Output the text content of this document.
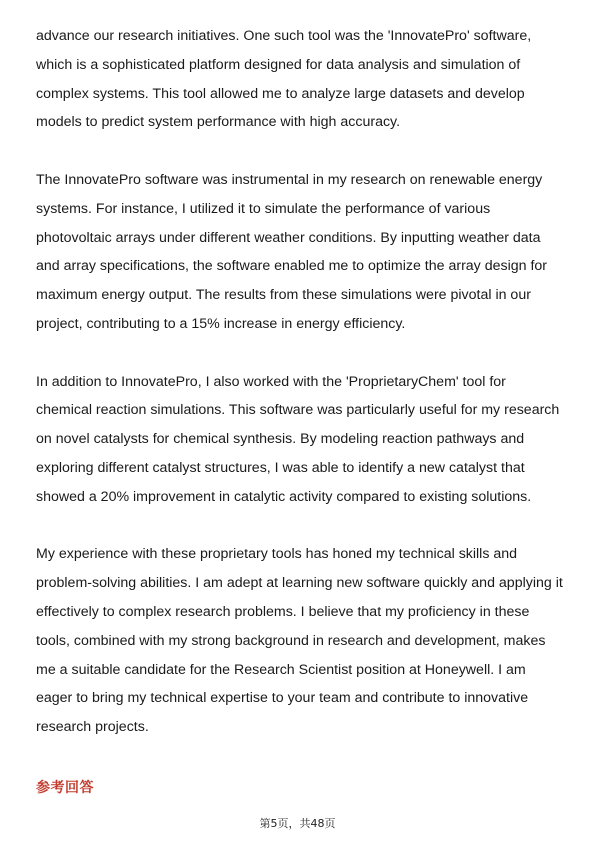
advance our research initiatives. One such tool was the 'InnovatePro' software, which is a sophisticated platform designed for data analysis and simulation of complex systems. This tool allowed me to analyze large datasets and develop models to predict system performance with high accuracy.

The InnovatePro software was instrumental in my research on renewable energy systems. For instance, I utilized it to simulate the performance of various photovoltaic arrays under different weather conditions. By inputting weather data and array specifications, the software enabled me to optimize the array design for maximum energy output. The results from these simulations were pivotal in our project, contributing to a 15% increase in energy efficiency.

In addition to InnovatePro, I also worked with the 'ProprietaryChem' tool for chemical reaction simulations. This software was particularly useful for my research on novel catalysts for chemical synthesis. By modeling reaction pathways and exploring different catalyst structures, I was able to identify a new catalyst that showed a 20% improvement in catalytic activity compared to existing solutions.

My experience with these proprietary tools has honed my technical skills and problem-solving abilities. I am adept at learning new software quickly and applying it effectively to complex research problems. I believe that my proficiency in these tools, combined with my strong background in research and development, makes me a suitable candidate for the Research Scientist position at Honeywell. I am eager to bring my technical expertise to your team and contribute to innovative research projects.

参考回答
第5页，共48页
